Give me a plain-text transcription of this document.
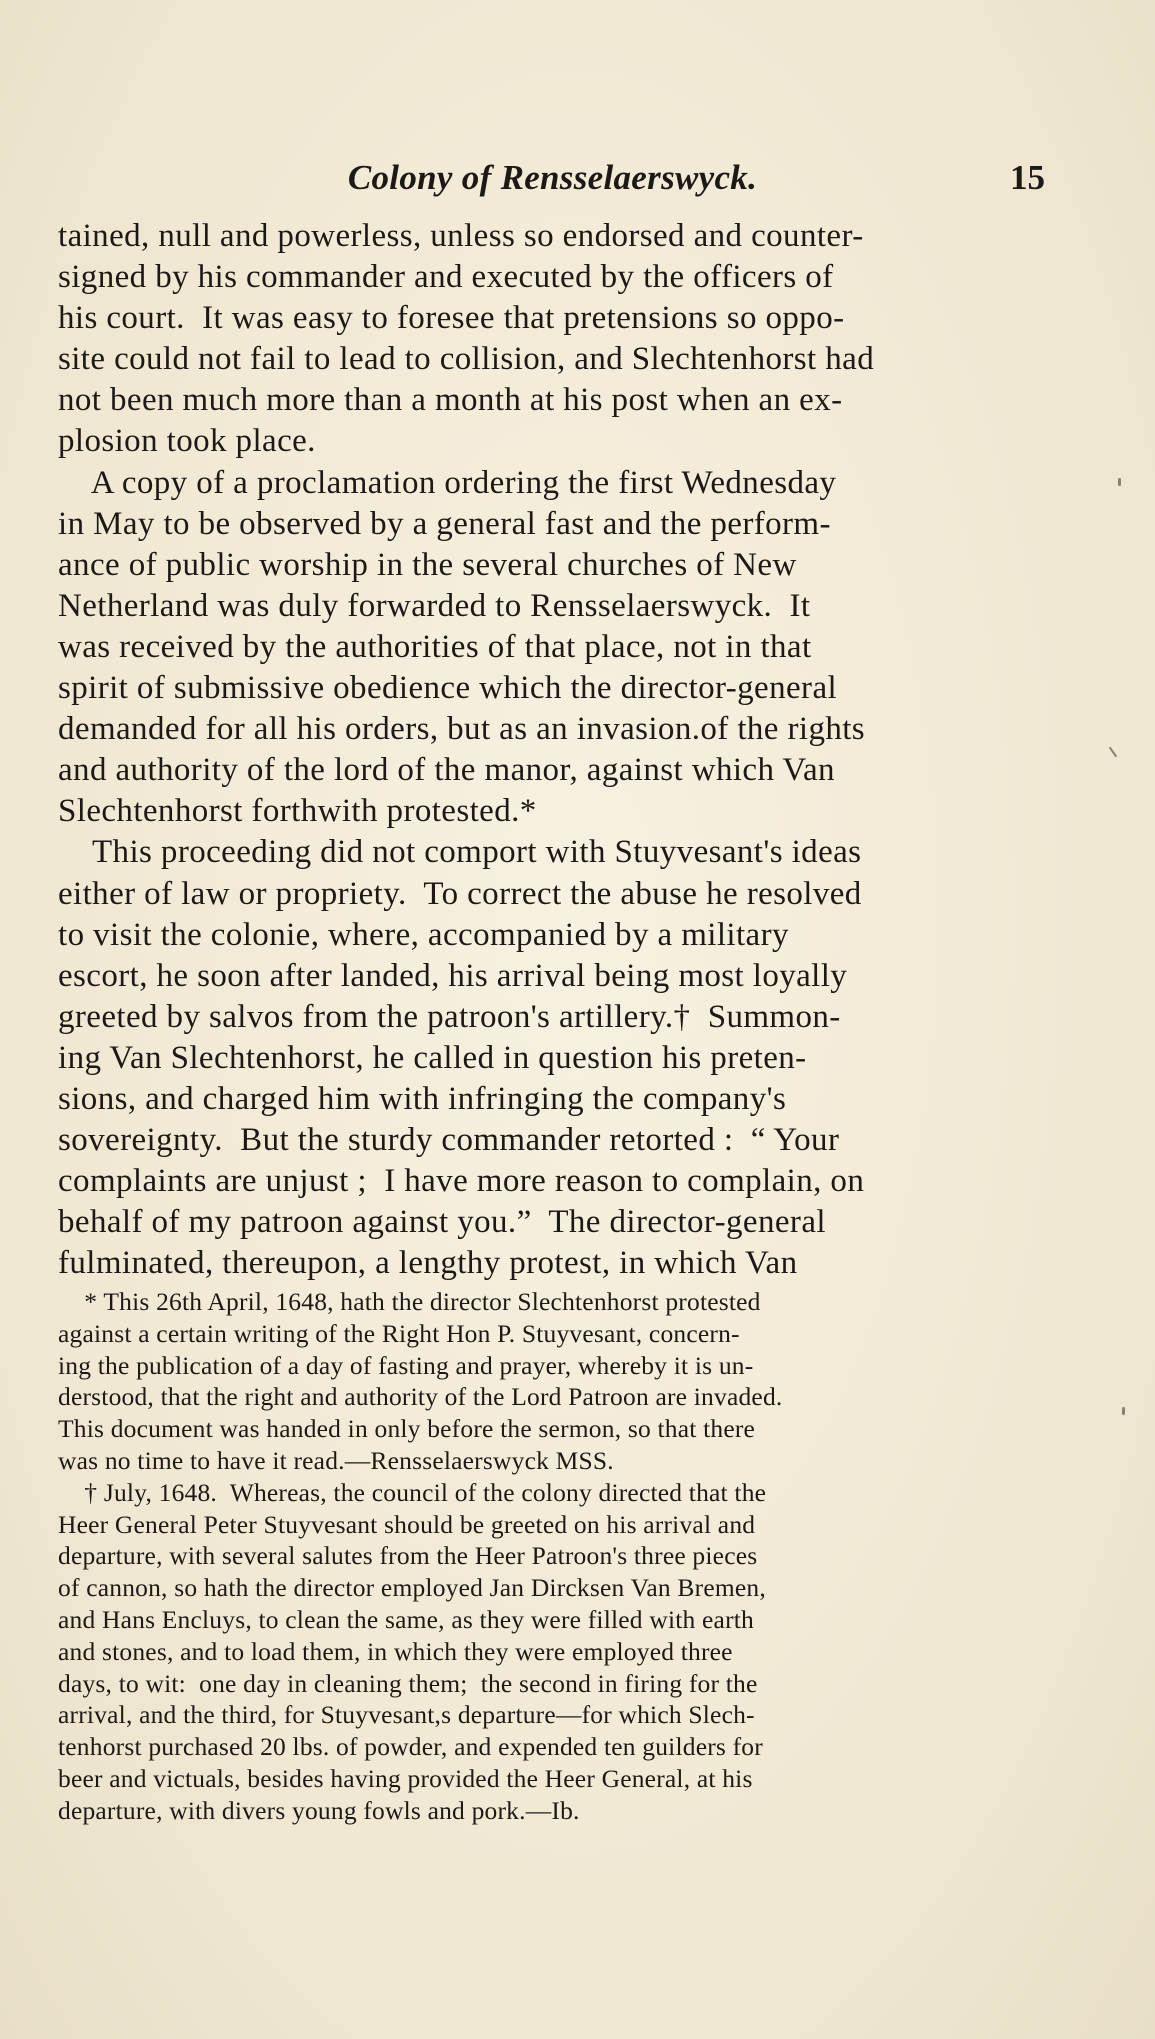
Colony of Rensselaerswyck.	15
tained, null and powerless, unless so endorsed and counter-
signed by his commander and executed by the officers of
his court.  It was easy to foresee that pretensions so oppo-
site could not fail to lead to collision, and Slechtenhorst had
not been much more than a month at his post when an ex-
plosion took place.
A copy of a proclamation ordering the first Wednesday
in May to be observed by a general fast and the perform-
ance of public worship in the several churches of New
Netherland was duly forwarded to Rensselaerswyck.  It
was received by the authorities of that place, not in that
spirit of submissive obedience which the director-general
demanded for all his orders, but as an invasion.of the rights
and authority of the lord of the manor, against which Van
Slechtenhorst forthwith protested.*
This proceeding did not comport with Stuyvesant's ideas
either of law or propriety.  To correct the abuse he resolved
to visit the colonie, where, accompanied by a military
escort, he soon after landed, his arrival being most loyally
greeted by salvos from the patroon's artillery.†  Summon-
ing Van Slechtenhorst, he called in question his preten-
sions, and charged him with infringing the company's
sovereignty.  But the sturdy commander retorted :  “ Your
complaints are unjust ;  I have more reason to complain, on
behalf of my patroon against you.”  The director-general
fulminated, thereupon, a lengthy protest, in which Van
* This 26th April, 1648, hath the director Slechtenhorst protested
against a certain writing of the Right Hon P. Stuyvesant, concern-
ing the publication of a day of fasting and prayer, whereby it is un-
derstood, that the right and authority of the Lord Patroon are invaded.
This document was handed in only before the sermon, so that there
was no time to have it read.—Rensselaerswyck MSS.
† July, 1648.  Whereas, the council of the colony directed that the
Heer General Peter Stuyvesant should be greeted on his arrival and
departure, with several salutes from the Heer Patroon's three pieces
of cannon, so hath the director employed Jan Dircksen Van Bremen,
and Hans Encluys, to clean the same, as they were filled with earth
and stones, and to load them, in which they were employed three
days, to wit:  one day in cleaning them;  the second in firing for the
arrival, and the third, for Stuyvesant,s departure—for which Slech-
tenhorst purchased 20 lbs. of powder, and expended ten guilders for
beer and victuals, besides having provided the Heer General, at his
departure, with divers young fowls and pork.—Ib.
